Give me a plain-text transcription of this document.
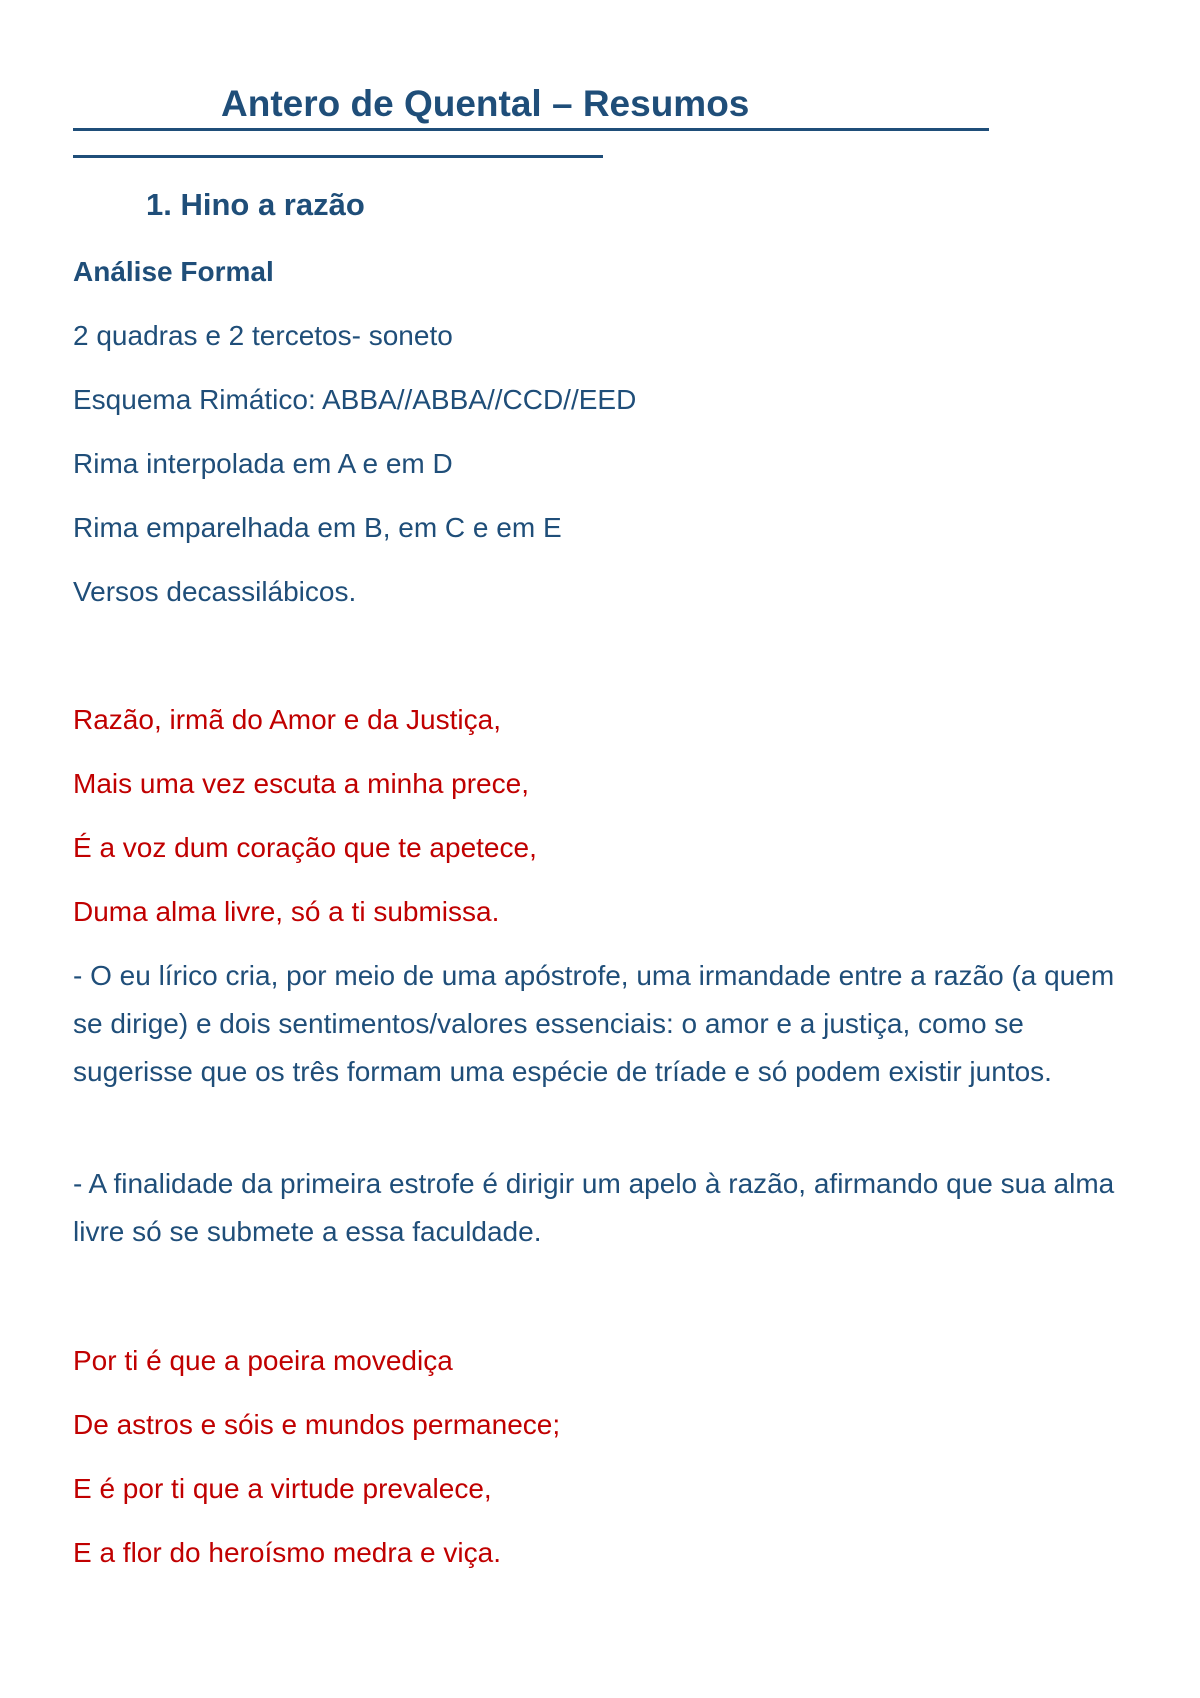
Antero de Quental – Resumos
1. Hino a razão
Análise Formal
2 quadras e 2 tercetos- soneto
Esquema Rimático: ABBA//ABBA//CCD//EED
Rima interpolada em A e em D
Rima emparelhada em B, em C e em E
Versos decassilábicos.
Razão, irmã do Amor e da Justiça,
Mais uma vez escuta a minha prece,
É a voz dum coração que te apetece,
Duma alma livre, só a ti submissa.
- O eu lírico cria, por meio de uma apóstrofe, uma irmandade entre a razão (a quem se dirige) e dois sentimentos/valores essenciais: o amor e a justiça, como se sugerisse que os três formam uma espécie de tríade e só podem existir juntos.
- A finalidade da primeira estrofe é dirigir um apelo à razão, afirmando que sua alma livre só se submete a essa faculdade.
Por ti é que a poeira movediça
De astros e sóis e mundos permanece;
E é por ti que a virtude prevalece,
E a flor do heroísmo medra e viça.
